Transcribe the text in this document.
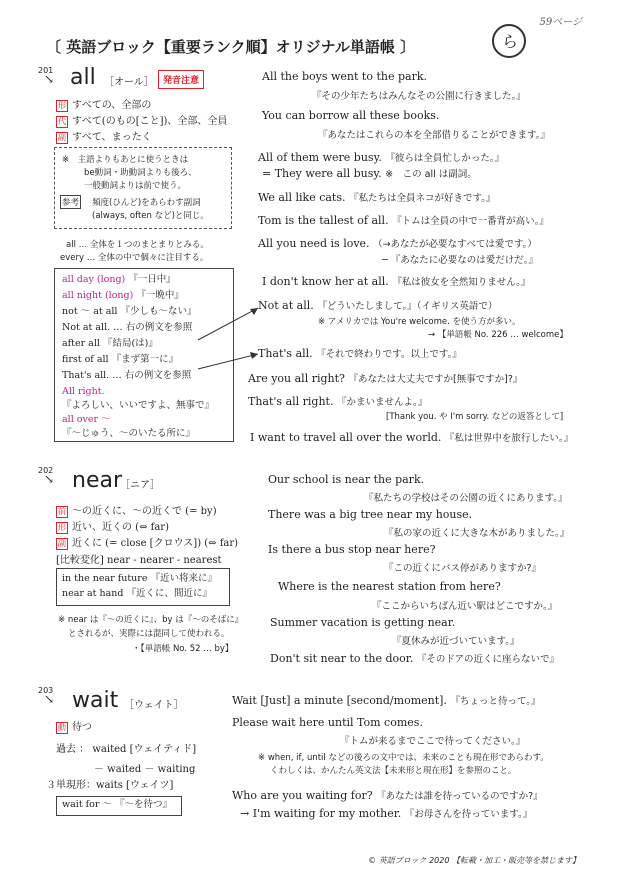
〔 英語ブロック【重要ランク順】オリジナル単語帳 〕
59ページ
ら
201
↘ all ［オール］	発音注意
形 すべての、全部の
代 すべて(のもの[こと])、全部、全員
副 すべて、まったく
※　主語よりもあとに使うときは
be動詞・助動詞よりも後ろ、
一般動詞よりは前で使う。
参考 頻度(ひんど)をあらわす副詞
(always, often など)と同じ。
all … 全体を１つのまとまりとみる。
every … 全体の中で個々に注目する。
all day (long) 『一日中』
all night (long) 『一晩中』
not ～ at all 『少しも～ない』
Not at all. … 右の例文を参照
after all 『結局(は)』
first of all 『まず第一に』
That's all. … 右の例文を参照
All right.
『よろしい、いいですよ、無事で』
all over ～
『～じゅう、～のいたる所に』
All the boys went to the park.
『その少年たちはみんなその公園に行きました。』
You can borrow all these books.
『あなたはこれらの本を全部借りることができます。』
All of them were busy. 『彼らは全員忙しかった。』
= They were all busy. ※　この all は副詞。
We all like cats. 『私たちは全員ネコが好きです。』
Tom is the tallest of all. 『トムは全員の中で一番背が高い。』
All you need is love. （→あなたが必要なすべては愛です。）
─ 『あなたに必要なのは愛だけだ。』
I don't know her at all. 『私は彼女を全然知りません。』
Not at all. 『どういたしまして。』（イギリス英語で）
※ アメリカでは You're welcome. を使う方が多い。
→ 【単語帳 No. 226 … welcome】
That's all. 『それで終わりです。以上です。』
Are you all right? 『あなたは大丈夫ですか[無事ですか]?』
That's all right. 『かまいませんよ。』
[Thank you. や I'm sorry. などの返答として]
I want to travel all over the world. 『私は世界中を旅行したい。』
202
↘ near
［ニア］
前 ～の近くに、～の近くで (= by)
形 近い、近くの (⇔ far)
副 近くに (= close [クロウス]) (⇔ far)
[比較変化] near - nearer - nearest
in the near future 『近い将来に』
near at hand 『近くに、間近に』
※ near は『～の近くに』、by は『～のそばに』
とされるが、実際には混同して使われる。
・【単語帳 No. 52 … by】
Our school is near the park.
『私たちの学校はその公園の近くにあります。』
There was a big tree near my house.
『私の家の近くに大きな木がありました。』
Is there a bus stop near here?
『この近くにバス停がありますか?』
Where is the nearest station from here?
『ここからいちばん近い駅はどこですか。』
Summer vacation is getting near.
『夏休みが近づいています。』
Don't sit near to the door. 『そのドアの近くに座らないで』
203
↘ wait ［ウェイト］
動 待つ
過去 ： waited [ウェイティド]
－ waited － waiting
３単現形：waits [ウェイツ]
wait for ～ 『～を待つ』
Wait [Just] a minute [second/moment]. 『ちょっと待って。』
Please wait here until Tom comes.
『トムが来るまでここで待ってください。』
※ when, if, until などの後ろの文中では、未来のことも現在形であらわす。
くわしくは、かんたん英文法【未来形と現在形】を参照のこと。
Who are you waiting for? 『あなたは誰を待っているのですか?』
→ I'm waiting for my mother. 『お母さんを待っています。』
© 英語ブロック 2020 【転載・加工・販売等を禁じます】
